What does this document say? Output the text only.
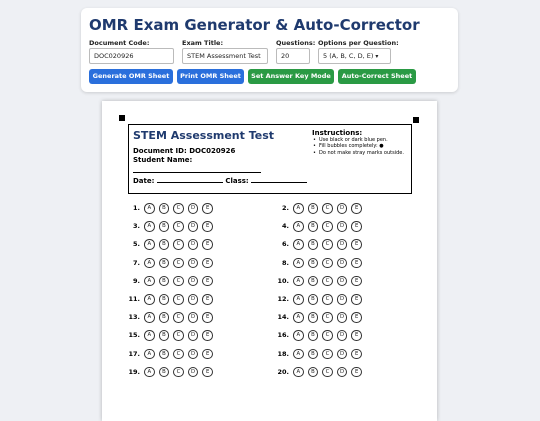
OMR Exam Generator & Auto-Corrector
Document Code:
DOC020926
Exam Title:
STEM Assessment Test
Questions:
20
Options per Question:
5 (A, B, C, D, E) ▾
Generate OMR Sheet	Print OMR Sheet	Set Answer Key Mode	Auto-Correct Sheet
STEM Assessment Test
Document ID: DOC020926
Student Name:
Date:	Class:
Instructions:
• Use black or dark blue pen.
• Fill bubbles completely: ●
• Do not make stray marks outside.
1.	A	B	C	D	E	2.	A	B	C	D	E
3.	A	B	C	D	E	4.	A	B	C	D	E
5.	A	B	C	D	E	6.	A	B	C	D	E
7.	A	B	C	D	E	8.	A	B	C	D	E
9.	A	B	C	D	E	10.	A	B	C	D	E
11.	A	B	C	D	E	12.	A	B	C	D	E
13.	A	B	C	D	E	14.	A	B	C	D	E
15.	A	B	C	D	E	16.	A	B	C	D	E
17.	A	B	C	D	E	18.	A	B	C	D	E
19.	A	B	C	D	E	20.	A	B	C	D	E
